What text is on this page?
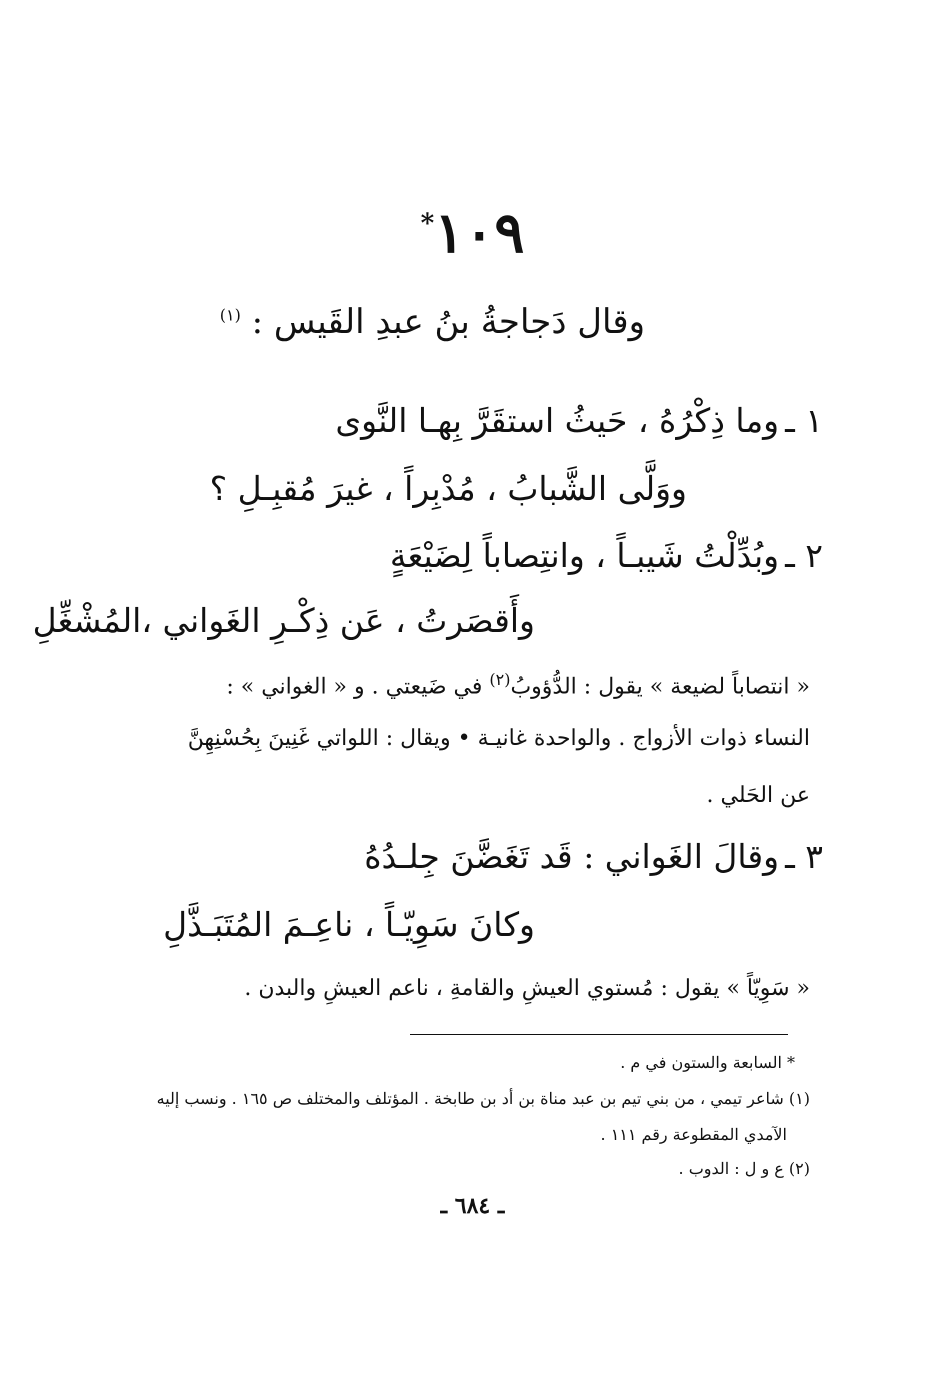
١٠٩*
وقال دَجاجةُ بنُ عبدِ القَيس : $^{(١)}$
١ ـوما ذِكْرُهُ ، حَيثُ استقَرَّ بِهـا النَّوى
ووَلَّى الشَّبابُ ، مُدْبِراً ، غيرَ مُقبِـلِ ؟
٢ ـوبُدِّلْتُ شَيبـاً ، وانتِصاباً لِضَيْعَةٍ
وأَقصَرتُ ، عَن ذِكْـرِ الغَواني ،المُشْغِّلِ
« انتصاباً لضيعة » يقول : الدُّؤوبُ$^{(٢)}$ في ضَيعتي . و « الغواني » :
النساء ذوات الأزواج . والواحدة غانيـة • ويقال : اللواتي غَنِينَ بِحُسْنِهِنَّ
عن الحَلي .
٣ ـوقالَ الغَواني : قَد تَغَضَّنَ جِلـدُهُ
وكانَ سَوِيّـاً ، ناعِـمَ المُتَبَـذَّلِ
« سَوِيّاً » يقول : مُستوي العيشِ والقامةِ ، ناعم العيشِ والبدن .
* السابعة والستون في م .
(١) شاعر تيمي ، من بني تيم بن عبد مناة بن أد بن طابخة . المؤتلف والمختلف ص ١٦٥ . ونسب إليه
الآمدي المقطوعة رقم ١١١ .
(٢) ع و ل : الدوب .
ـ ٦٨٤ ـ
